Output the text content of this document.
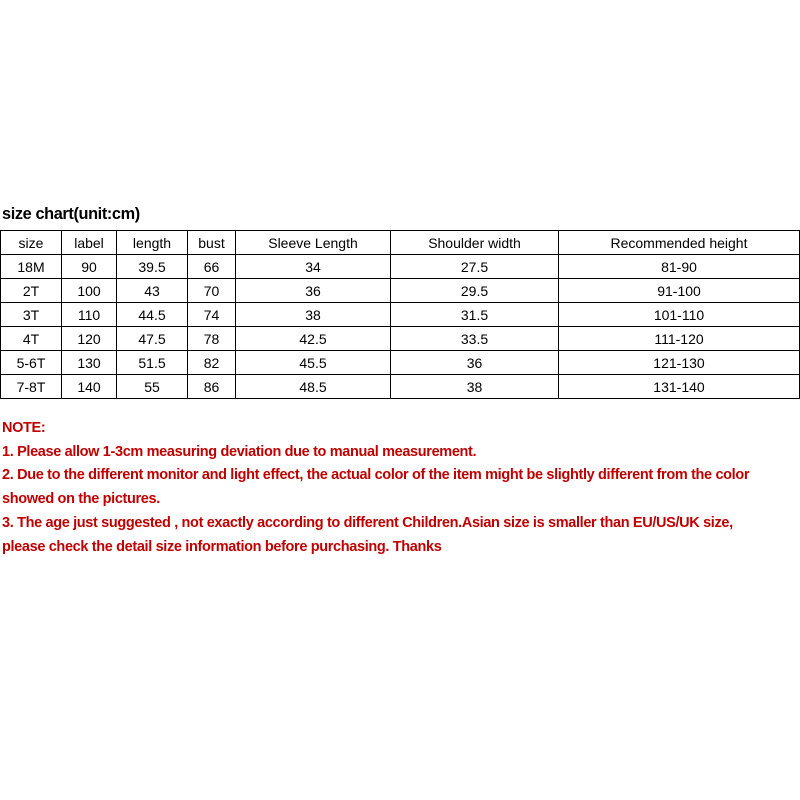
size chart(unit:cm)
size	label	length	bust	Sleeve Length	Shoulder width	Recommended height
18M	90	39.5	66	34	27.5	81-90
2T	100	43	70	36	29.5	91-100
3T	110	44.5	74	38	31.5	101-110
4T	120	47.5	78	42.5	33.5	111-120
5-6T	130	51.5	82	45.5	36	121-130
7-8T	140	55	86	48.5	38	131-140
NOTE:
1. Please allow 1-3cm measuring deviation due to manual measurement.
2. Due to the different monitor and light effect, the actual color of the item might be slightly different from the color
showed on the pictures.
3. The age just suggested , not exactly according to different Children.Asian size is smaller than EU/US/UK size,
please check the detail size information before purchasing. Thanks
